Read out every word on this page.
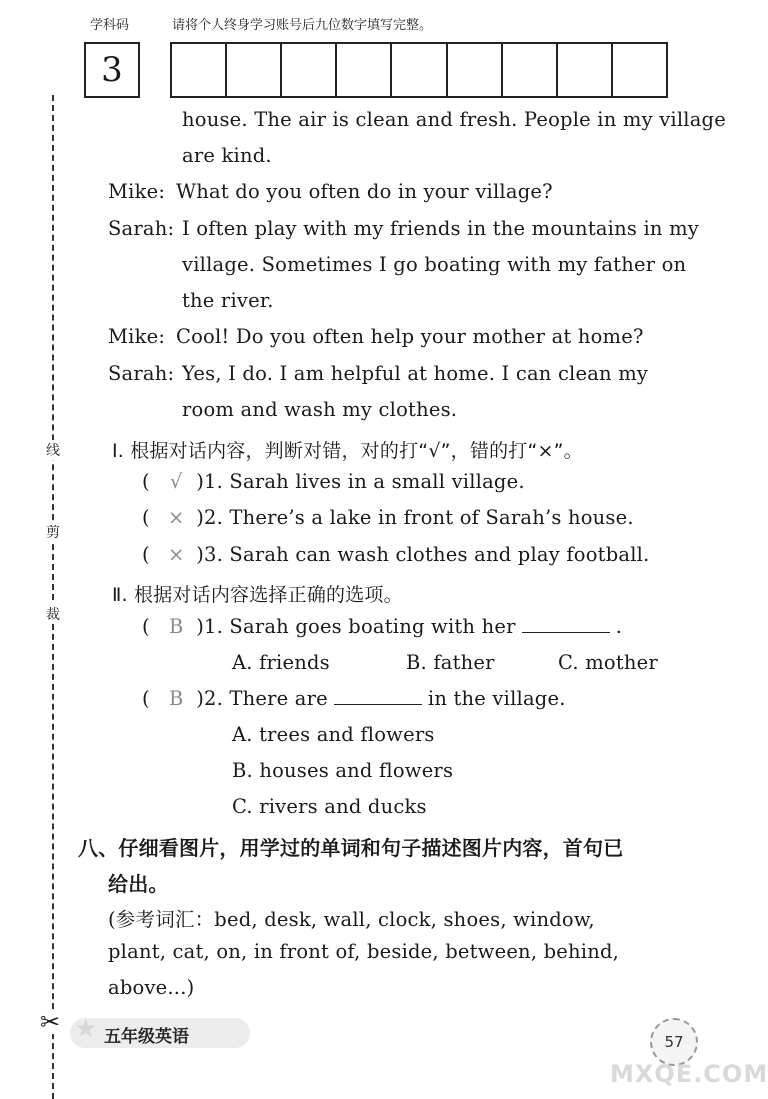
学科码	请将个人终身学习账号后九位数字填写完整。
3
线
剪
裁
✂
house. The air is clean and fresh. People in my village
are kind.
Mike: What do you often do in your village?
Sarah: I often play with my friends in the mountains in my
village. Sometimes I go boating with my father on
the river.
Mike: Cool! Do you often help your mother at home?
Sarah: Yes, I do. I am helpful at home. I can clean my
room and wash my clothes.
Ⅰ. 根据对话内容，判断对错，对的打“√”，错的打“×”。
( √ )1. Sarah lives in a small village.
( × )2. There’s a lake in front of Sarah’s house.
( × )3. Sarah can wash clothes and play football.
Ⅱ. 根据对话内容选择正确的选项。
( B )1. Sarah goes boating with her	.
A. friends	B. father	C. mother
( B )2. There are	in the village.
A. trees and flowers
B. houses and flowers
C. rivers and ducks
八、仔细看图片，用学过的单词和句子描述图片内容，首句已
给出。
(参考词汇：bed, desk, wall, clock, shoes, window,
plant, cat, on, in front of, beside, between, behind,
above...)
★ 五年级英语	57
MXQE.COM
